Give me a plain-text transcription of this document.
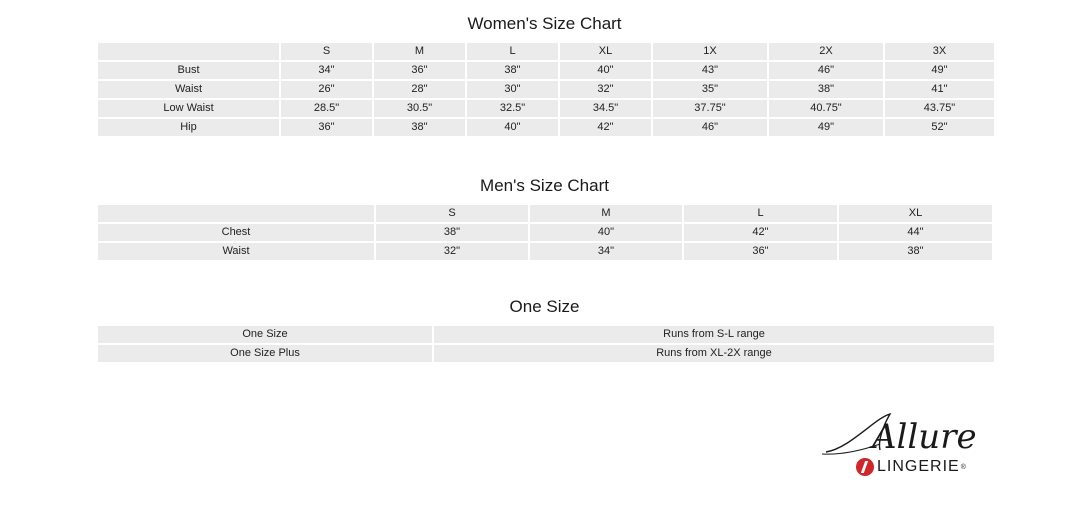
Women's Size Chart
	S	M	L	XL	1X	2X	3X
Bust	34"	36"	38"	40"	43"	46"	49"
Waist	26"	28"	30"	32"	35"	38"	41"
Low Waist	28.5"	30.5"	32.5"	34.5"	37.75"	40.75"	43.75"
Hip	36"	38"	40"	42"	46"	49"	52"
Men's Size Chart
	S	M	L	XL
Chest	38"	40"	42"	44"
Waist	32"	34"	36"	38"
One Size
One Size	Runs from S-L range
One Size Plus	Runs from XL-2X range
Allure
LINGERIE ®
